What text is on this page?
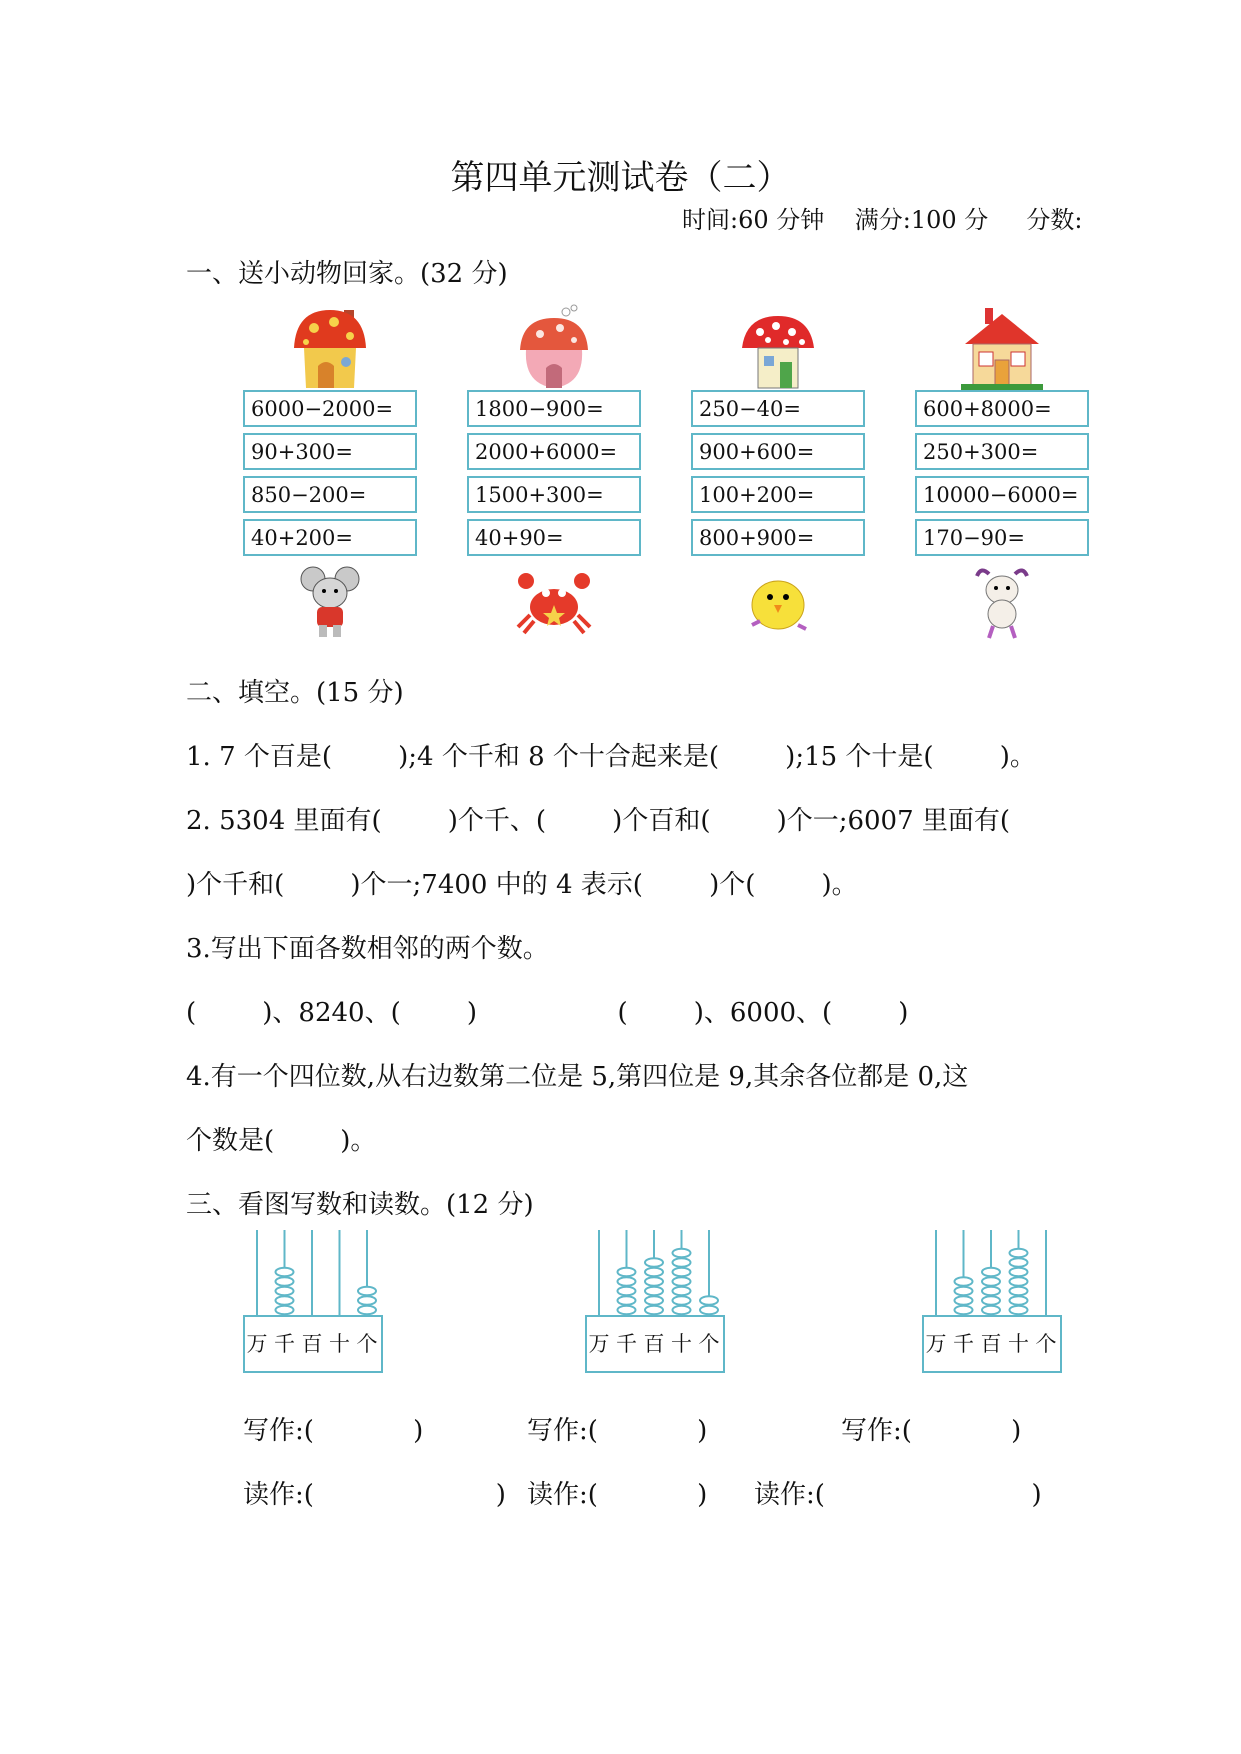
第四单元测试卷（二）
时间:60 分钟    满分:100 分     分数:
一、送小动物回家。(32 分)
6000−2000=
90+300=
850−200=
40+200=
1800−900=
2000+6000=
1500+300=
40+90=
250−40=
900+600=
100+200=
800+900=
600+8000=
250+300=
10000−6000=
170−90=
二、填空。(15 分)
1. 7 个百是(        );4 个千和 8 个十合起来是(        );15 个十是(        )。
2. 5304 里面有(        )个千、(        )个百和(        )个一;6007 里面有(
)个千和(        )个一;7400 中的 4 表示(        )个(        )。
3.写出下面各数相邻的两个数。
(        )、8240、(        )                 (        )、6000、(        )
4.有一个四位数,从右边数第二位是 5,第四位是 9,其余各位都是 0,这
个数是(        )。
三、看图写数和读数。(12 分)
万 千 百 十 个	万 千 百 十 个	万 千 百 十 个
写作:(            )	写作:(            )	写作:(            )
读作:(                      ) 读作:(            ) 读作:(                         )
